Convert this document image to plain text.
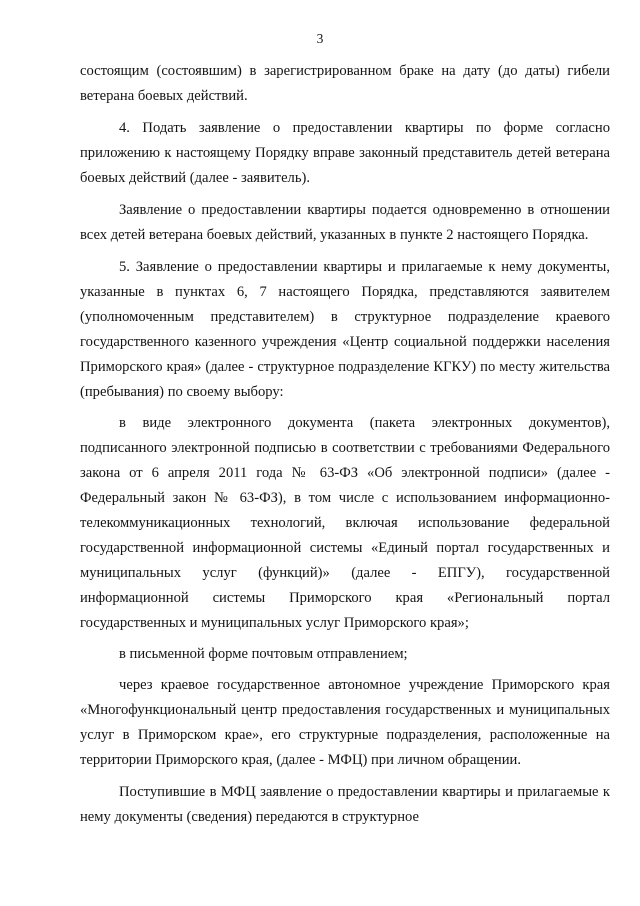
3

состоящим (состоявшим) в зарегистрированном браке на дату (до даты) гибели ветерана боевых действий.

4. Подать заявление о предоставлении квартиры по форме согласно приложению к настоящему Порядку вправе законный представитель детей ветерана боевых действий (далее - заявитель).

Заявление о предоставлении квартиры подается одновременно в отношении всех детей ветерана боевых действий, указанных в пункте 2 настоящего Порядка.

5. Заявление о предоставлении квартиры и прилагаемые к нему документы, указанные в пунктах 6, 7 настоящего Порядка, представляются заявителем (уполномоченным представителем) в структурное подразделение краевого государственного казенного учреждения «Центр социальной поддержки населения Приморского края» (далее - структурное подразделение КГКУ) по месту жительства (пребывания) по своему выбору:

в виде электронного документа (пакета электронных документов), подписанного электронной подписью в соответствии с требованиями Федерального закона от 6 апреля 2011 года № 63-ФЗ «Об электронной подписи» (далее - Федеральный закон № 63-ФЗ), в том числе с использованием информационно-телекоммуникационных технологий, включая использование федеральной государственной информационной системы «Единый портал государственных и муниципальных услуг (функций)» (далее - ЕПГУ), государственной информационной системы Приморского края «Региональный портал государственных и муниципальных услуг Приморского края»;

в письменной форме почтовым отправлением;

через краевое государственное автономное учреждение Приморского края «Многофункциональный центр предоставления государственных и муниципальных услуг в Приморском крае», его структурные подразделения, расположенные на территории Приморского края, (далее - МФЦ) при личном обращении.

Поступившие в МФЦ заявление о предоставлении квартиры и прилагаемые к нему документы (сведения) передаются в структурное
